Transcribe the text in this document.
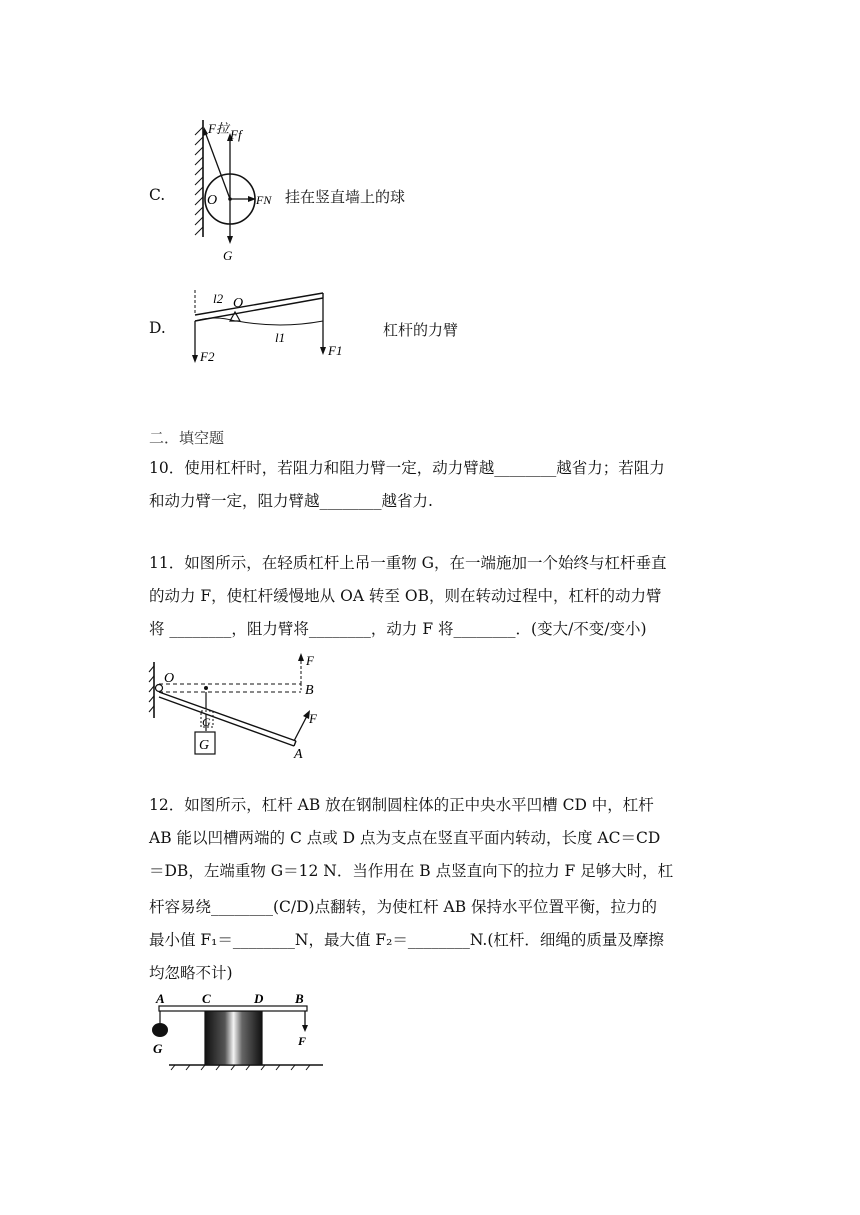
C.
F拉 Ff
O	FN
G
挂在竖直墙上的球
D.
l2 O
l1
F2	F1
杠杆的力臂
二．填空题
10．使用杠杆时，若阻力和阻力臂一定，动力臂越________越省力；若阻力
和动力臂一定，阻力臂越________越省力.
11．如图所示，在轻质杠杆上吊一重物 G，在一端施加一个始终与杠杆垂直
的动力 F，使杠杆缓慢地从 OA 转至 OB，则在转动过程中，杠杆的动力臂
将 ________，阻力臂将________，动力 F 将________．(变大/不变/变小)
O
F
B
F
A
G
G
12．如图所示，杠杆 AB 放在钢制圆柱体的正中央水平凹槽 CD 中，杠杆
AB 能以凹槽两端的 C 点或 D 点为支点在竖直平面内转动，长度 AC＝CD
＝DB，左端重物 G＝12 N．当作用在 B 点竖直向下的拉力 F 足够大时，杠
杆容易绕________(C/D)点翻转，为使杠杆 AB 保持水平位置平衡，拉力的
最小值 F₁＝________N，最大值 F₂＝________N.(杠杆．细绳的质量及摩擦
均忽略不计)
A	C	D B
G	F
